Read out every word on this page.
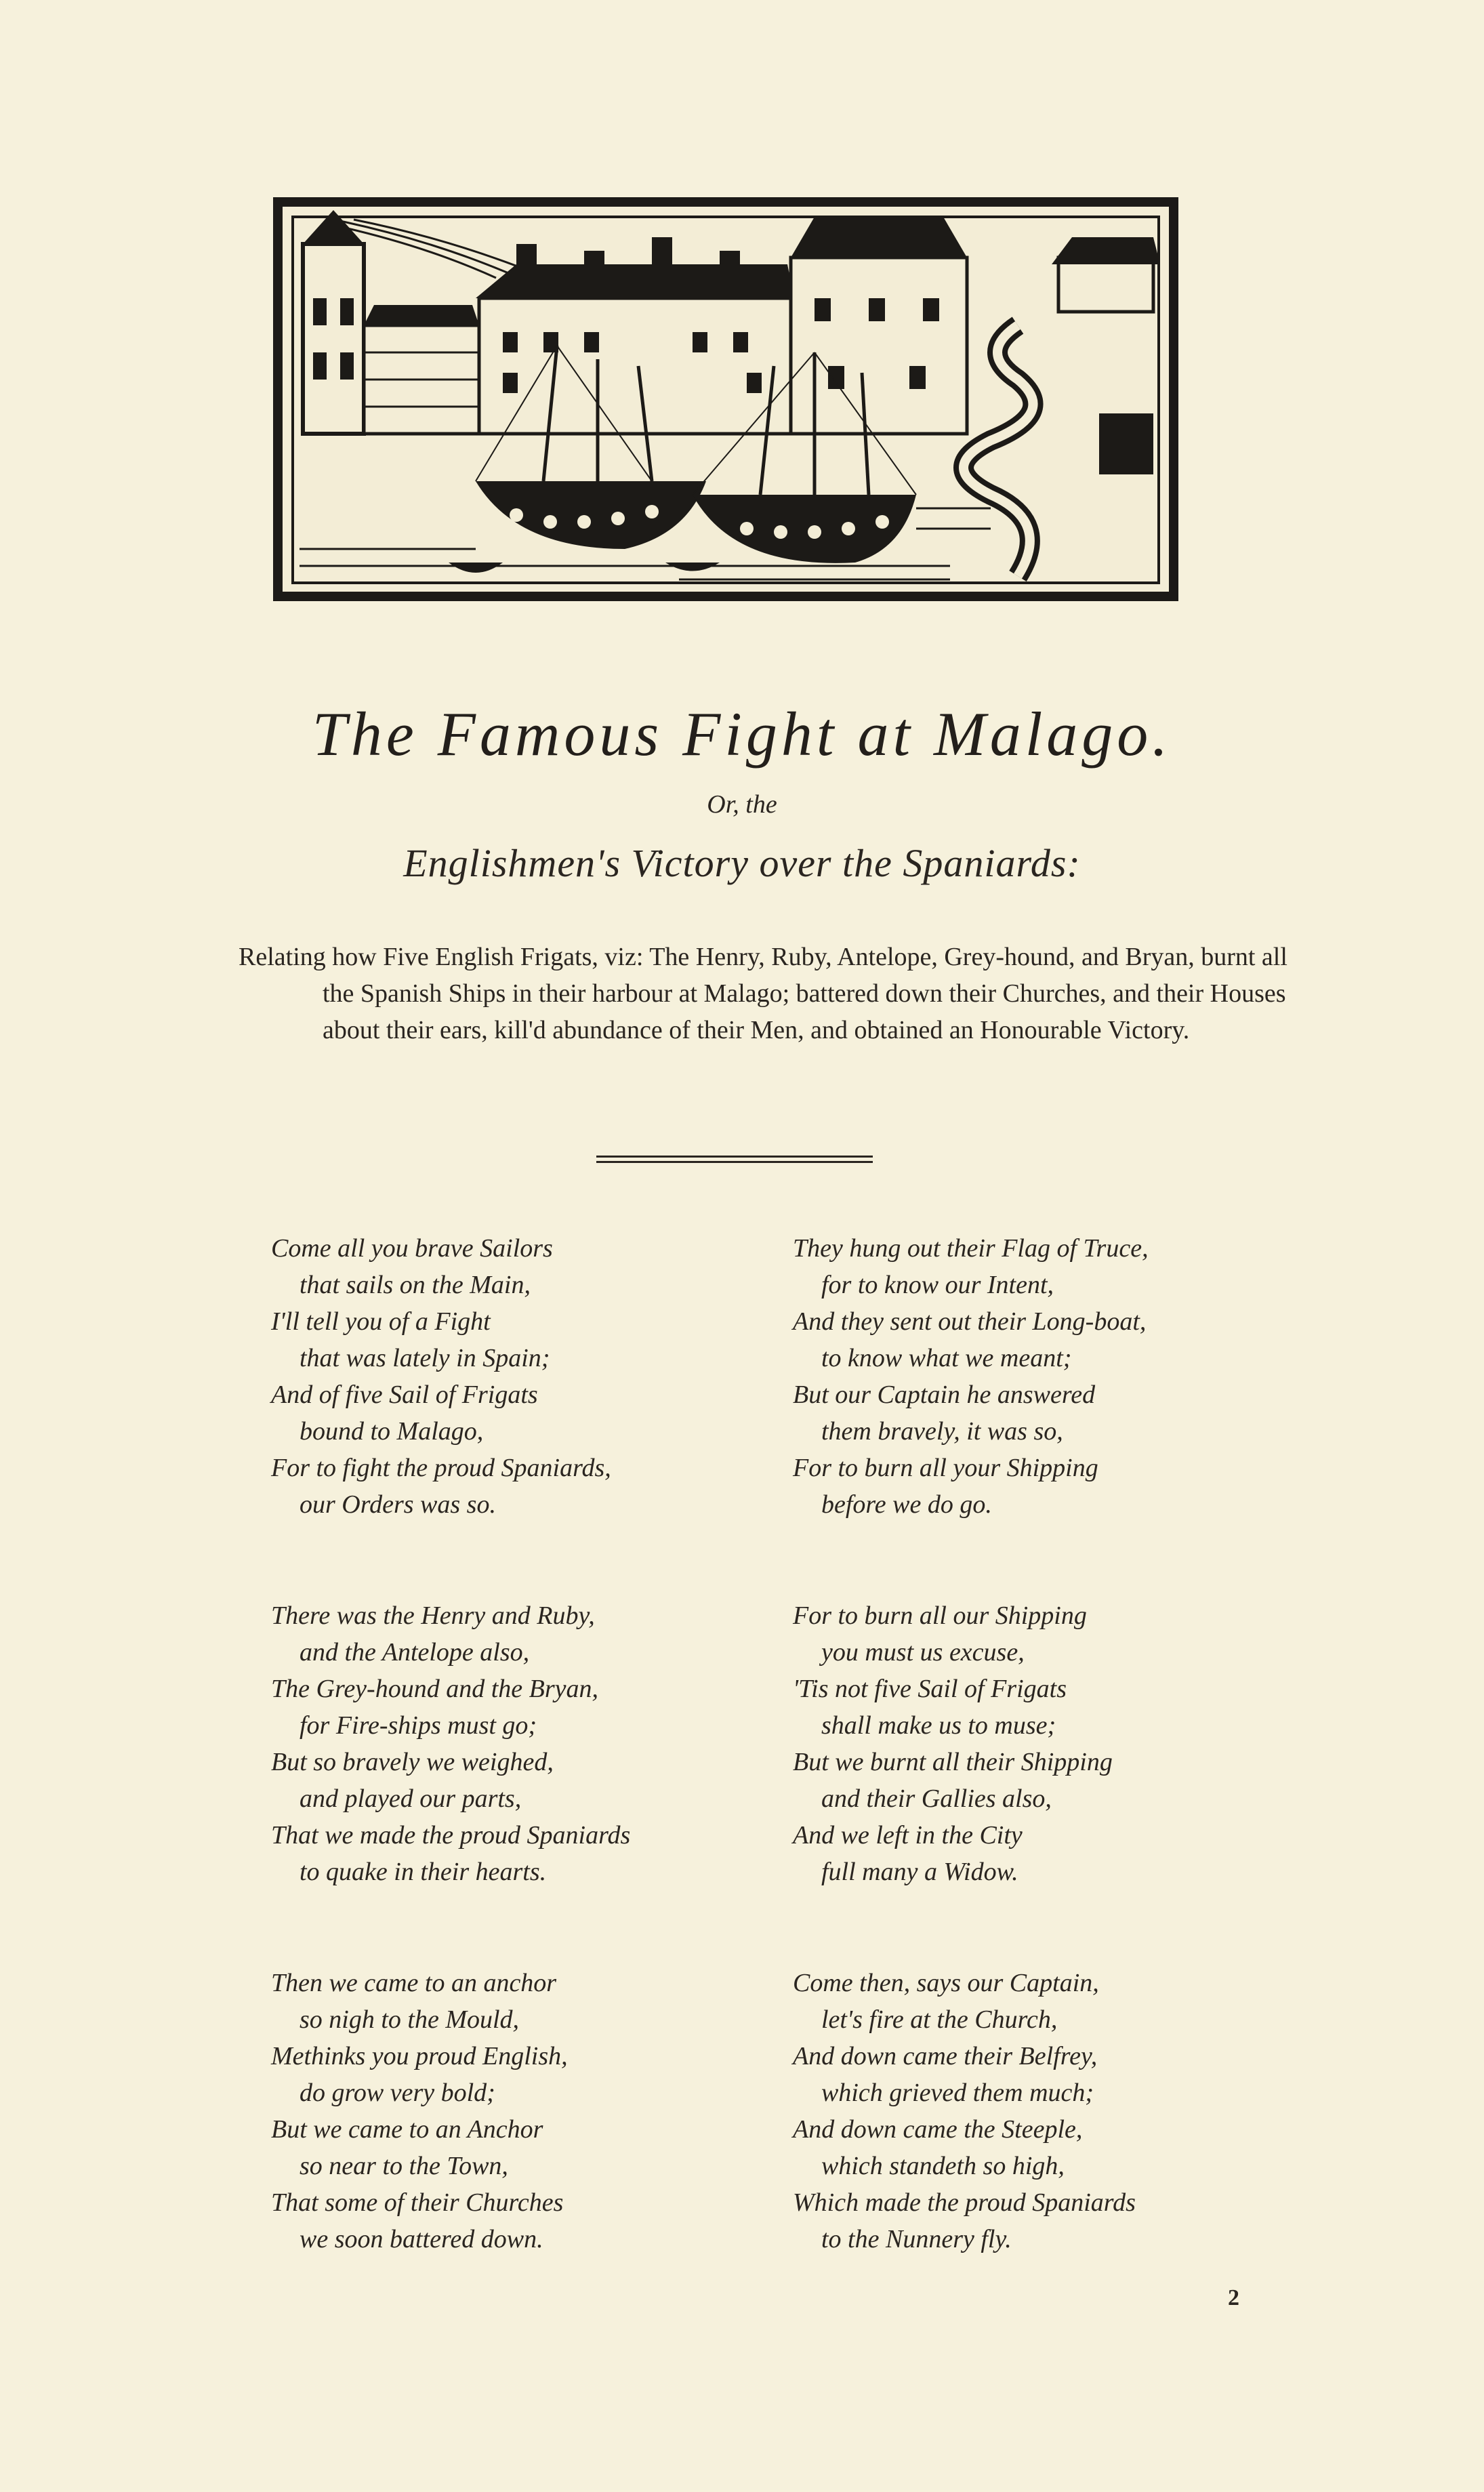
The Famous Fight at Malago.
Or, the
Englishmen's Victory over the Spaniards:

Relating how Five English Frigats, viz: The Henry, Ruby, Antelope, Grey-hound, and Bryan, burnt all the Spanish Ships in their harbour at Malago; battered down their Churches, and their Houses about their ears, kill'd abundance of their Men, and obtained an Honourable Victory.

Come all you brave Sailors
that sails on the Main,
I'll tell you of a Fight
that was lately in Spain;
And of five Sail of Frigats
bound to Malago,
For to fight the proud Spaniards,
our Orders was so.
There was the Henry and Ruby,
and the Antelope also,
The Grey-hound and the Bryan,
for Fire-ships must go;
But so bravely we weighed,
and played our parts,
That we made the proud Spaniards
to quake in their hearts.
Then we came to an anchor
so nigh to the Mould,
Methinks you proud English,
do grow very bold;
But we came to an Anchor
so near to the Town,
That some of their Churches
we soon battered down.
They hung out their Flag of Truce,
for to know our Intent,
And they sent out their Long-boat,
to know what we meant;
But our Captain he answered
them bravely, it was so,
For to burn all your Shipping
before we do go.
For to burn all our Shipping
you must us excuse,
'Tis not five Sail of Frigats
shall make us to muse;
But we burnt all their Shipping
and their Gallies also,
And we left in the City
full many a Widow.
Come then, says our Captain,
let's fire at the Church,
And down came their Belfrey,
which grieved them much;
And down came the Steeple,
which standeth so high,
Which made the proud Spaniards
to the Nunnery fly.
2
